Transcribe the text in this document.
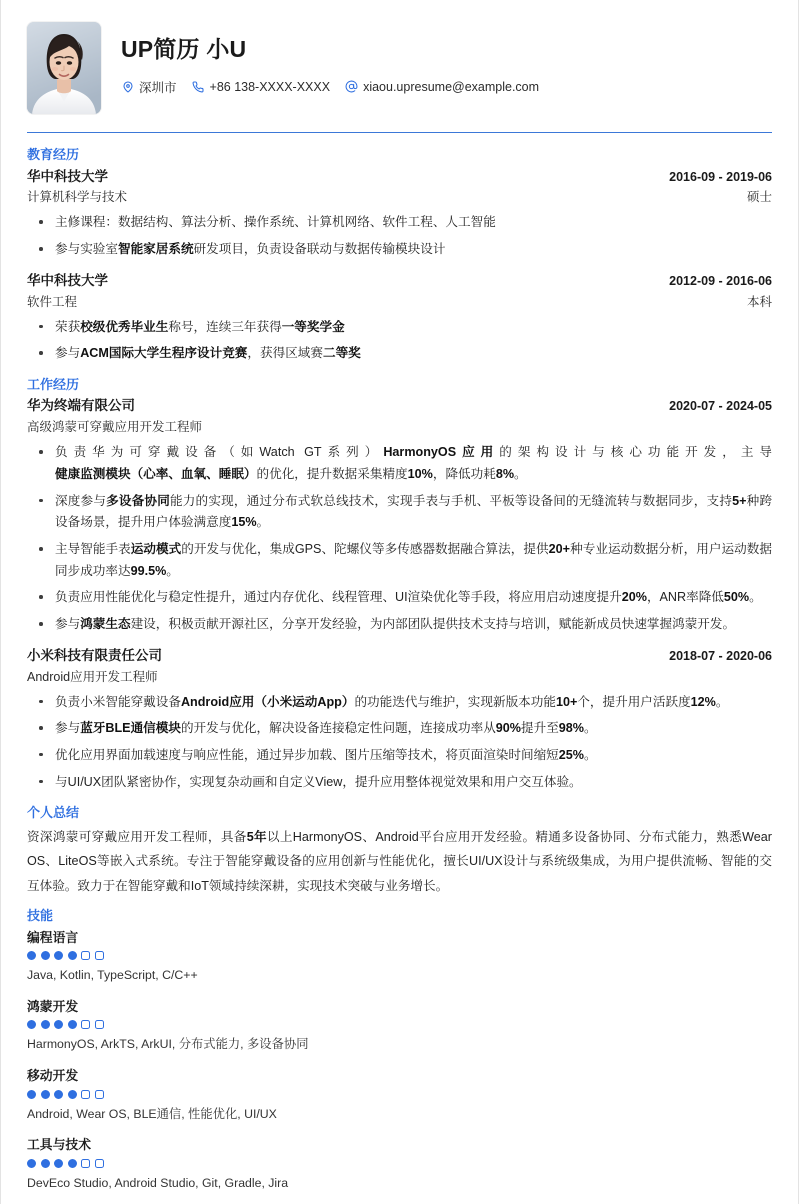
UP简历 小U
深圳市	+86 138-XXXX-XXXX	xiaou.upresume@example.com
教育经历
华中科技大学	2016-09 - 2019-06
计算机科学与技术	硕士
主修课程：数据结构、算法分析、操作系统、计算机网络、软件工程、人工智能
参与实验室智能家居系统研发项目，负责设备联动与数据传输模块设计
华中科技大学	2012-09 - 2016-06
软件工程	本科
荣获校级优秀毕业生称号，连续三年获得一等奖学金
参与ACM国际大学生程序设计竞赛，获得区域赛二等奖
工作经历
华为终端有限公司	2020-07 - 2024-05
高级鸿蒙可穿戴应用开发工程师
负责华为可穿戴设备（如Watch GT系列）HarmonyOS应用的架构设计与核心功能开发，主导健康监测模块（心率、血氧、睡眠）的优化，提升数据采集精度10%，降低功耗8%。
深度参与多设备协同能力的实现，通过分布式软总线技术，实现手表与手机、平板等设备间的无缝流转与数据同步，支持5+种跨设备场景，提升用户体验满意度15%。
主导智能手表运动模式的开发与优化，集成GPS、陀螺仪等多传感器数据融合算法，提供20+种专业运动数据分析，用户运动数据同步成功率达99.5%。
负责应用性能优化与稳定性提升，通过内存优化、线程管理、UI渲染优化等手段，将应用启动速度提升20%，ANR率降低50%。
参与鸿蒙生态建设，积极贡献开源社区，分享开发经验，为内部团队提供技术支持与培训，赋能新成员快速掌握鸿蒙开发。
小米科技有限责任公司	2018-07 - 2020-06
Android应用开发工程师
负责小米智能穿戴设备Android应用（小米运动App）的功能迭代与维护，实现新版本功能10+个，提升用户活跃度12%。
参与蓝牙BLE通信模块的开发与优化，解决设备连接稳定性问题，连接成功率从90%提升至98%。
优化应用界面加载速度与响应性能，通过异步加载、图片压缩等技术，将页面渲染时间缩短25%。
与UI/UX团队紧密协作，实现复杂动画和自定义View，提升应用整体视觉效果和用户交互体验。
个人总结

资深鸿蒙可穿戴应用开发工程师，具备5年以上HarmonyOS、Android平台应用开发经验。精通多设备协同、分布式能力，熟悉Wear OS、LiteOS等嵌入式系统。专注于智能穿戴设备的应用创新与性能优化，擅长UI/UX设计与系统级集成，为用户提供流畅、智能的交互体验。致力于在智能穿戴和IoT领域持续深耕，实现技术突破与业务增长。

技能
编程语言
Java, Kotlin, TypeScript, C/C++
鸿蒙开发
HarmonyOS, ArkTS, ArkUI, 分布式能力, 多设备协同
移动开发
Android, Wear OS, BLE通信, 性能优化, UI/UX
工具与技术
DevEco Studio, Android Studio, Git, Gradle, Jira
